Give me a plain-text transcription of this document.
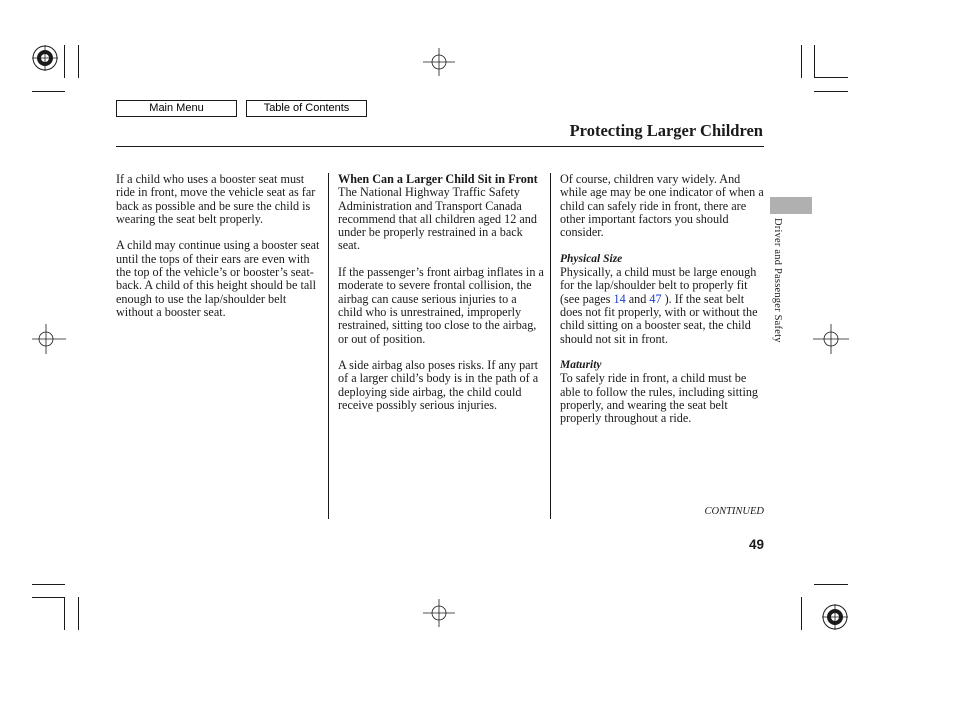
Main Menu	Table of Contents
Protecting Larger Children

If a child who uses a booster seat must ride in front, move the vehicle seat as far back as possible and be sure the child is wearing the seat belt properly.

A child may continue using a booster seat until the tops of their ears are even with the top of the vehicle’s or booster’s seat-back. A child of this height should be tall enough to use the lap/shoulder belt without a booster seat.

When Can a Larger Child Sit in Front
The National Highway Traffic Safety Administration and Transport Canada recommend that all children aged 12 and under be properly restrained in a back seat.

If the passenger’s front airbag inflates in a moderate to severe frontal collision, the airbag can cause serious injuries to a child who is unrestrained, improperly restrained, sitting too close to the airbag, or out of position.

A side airbag also poses risks. If any part of a larger child’s body is in the path of a deploying side airbag, the child could receive possibly serious injuries.

Of course, children vary widely. And while age may be one indicator of when a child can safely ride in front, there are other important factors you should consider.

Physical Size
Physically, a child must be large enough for the lap/shoulder belt to properly fit (see pages 14 and 47 ). If the seat belt does not fit properly, with or without the child sitting on a booster seat, the child should not sit in front.

Maturity
To safely ride in front, a child must be able to follow the rules, including sitting properly, and wearing the seat belt properly throughout a ride.

Driver and Passenger Safety
CONTINUED
49
